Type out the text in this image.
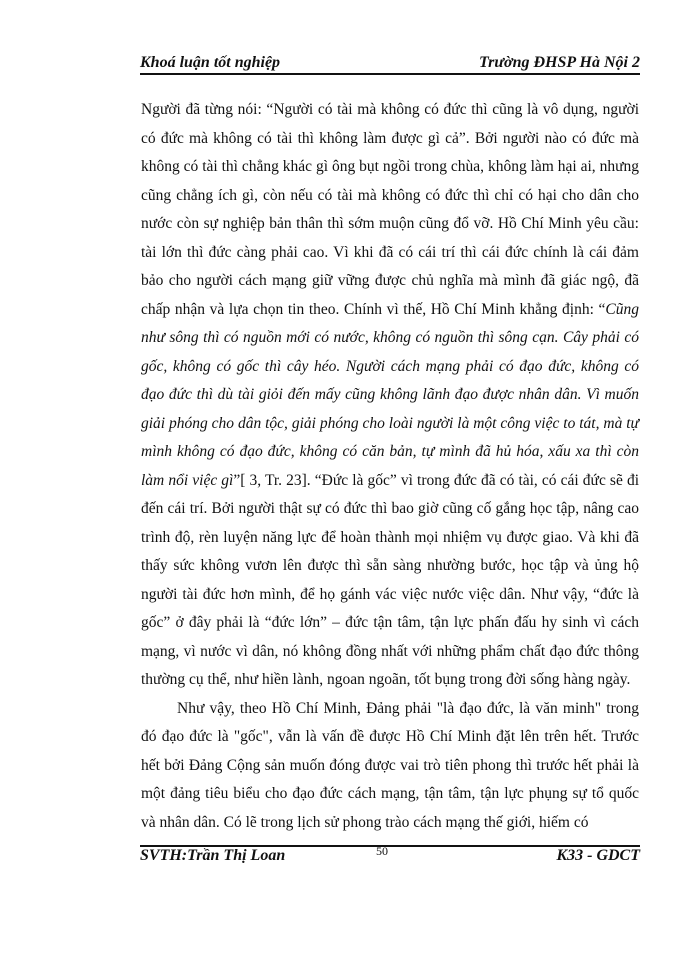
Khoá luận tốt nghiệp	Trường ĐHSP Hà Nội 2

Người đã từng nói: “Người có tài mà không có đức thì cũng là vô dụng, người có đức mà không có tài thì không làm được gì cả”. Bởi người nào có đức mà không có tài thì chẳng khác gì ông bụt ngồi trong chùa, không làm hại ai, nhưng cũng chẳng ích gì, còn nếu có tài mà không có đức thì chỉ có hại cho dân cho nước còn sự nghiệp bản thân thì sớm muộn cũng đổ vỡ. Hồ Chí Minh yêu cầu: tài lớn thì đức càng phải cao. Vì khi đã có cái trí thì cái đức chính là cái đảm bảo cho người cách mạng giữ vững được chủ nghĩa mà mình đã giác ngộ, đã chấp nhận và lựa chọn tin theo. Chính vì thế, Hồ Chí Minh khẳng định: “Cũng như sông thì có nguồn mới có nước, không có nguồn thì sông cạn. Cây phải có gốc, không có gốc thì cây héo. Người cách mạng phải có đạo đức, không có đạo đức thì dù tài giỏi đến mấy cũng không lãnh đạo được nhân dân. Vì muốn giải phóng cho dân tộc, giải phóng cho loài người là một công việc to tát, mà tự mình không có đạo đức, không có căn bản, tự mình đã hủ hóa, xấu xa thì còn làm nổi việc gì”[ 3, Tr. 23]. “Đức là gốc” vì trong đức đã có tài, có cái đức sẽ đi đến cái trí. Bởi người thật sự có đức thì bao giờ cũng cố gắng học tập, nâng cao trình độ, rèn luyện năng lực để hoàn thành mọi nhiệm vụ được giao. Và khi đã thấy sức không vươn lên được thì sẵn sàng nhường bước, học tập và ủng hộ người tài đức hơn mình, để họ gánh vác việc nước việc dân. Như vậy, “đức là gốc” ở đây phải là “đức lớn” – đức tận tâm, tận lực phấn đấu hy sinh vì cách mạng, vì nước vì dân, nó không đồng nhất với những phẩm chất đạo đức thông thường cụ thể, như hiền lành, ngoan ngoãn, tốt bụng trong đời sống hàng ngày.

Như vậy, theo Hồ Chí Minh, Đảng phải "là đạo đức, là văn minh" trong đó đạo đức là "gốc", vẫn là vấn đề được Hồ Chí Minh đặt lên trên hết. Trước hết bởi Đảng Cộng sản muốn đóng được vai trò tiên phong thì trước hết phải là một đảng tiêu biểu cho đạo đức cách mạng, tận tâm, tận lực phụng sự tổ quốc và nhân dân. Có lẽ trong lịch sử phong trào cách mạng thế giới, hiếm có

SVTH:Trần Thị Loan	K33 - GDCT
50
